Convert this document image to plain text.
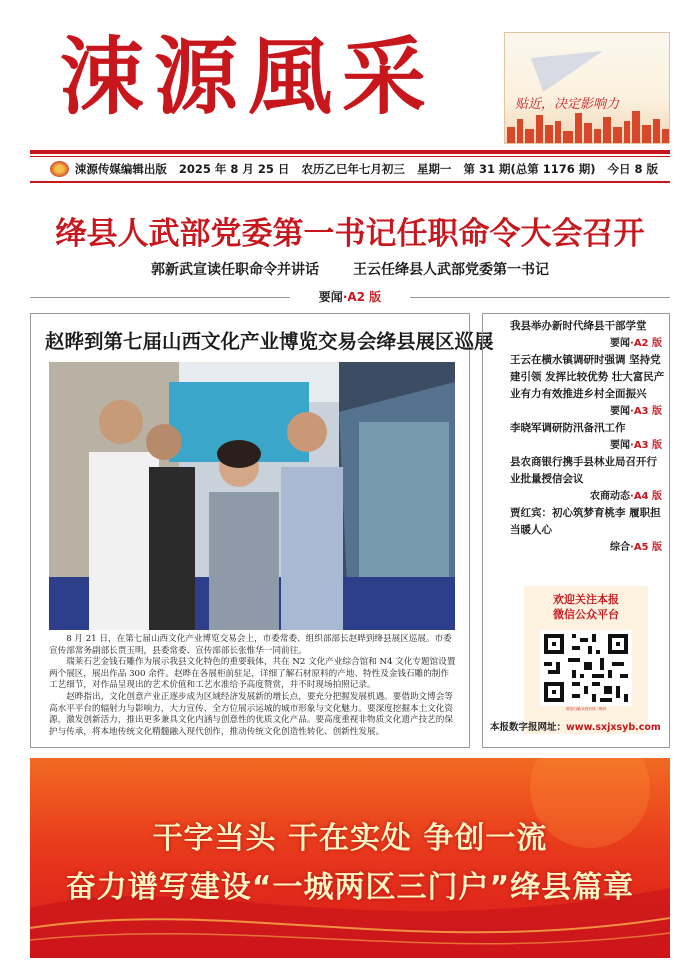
涑源風采	贴近，决定影响力
涑源传媒编辑出版 2025 年 8 月 25 日 农历乙巳年七月初三 星期一 第 31 期(总第 1176 期) 今日 8 版
绛县人武部党委第一书记任职命令大会召开
郭新武宣读任职命令并讲话 王云任绛县人武部党委第一书记
要闻·A2 版
赵晔到第七届山西文化产业博览交易会绛县展区巡展

8 月 21 日，在第七届山西文化产业博览交易会上，市委常委、组织部部长赵晔到绛县展区巡展。市委宣传部常务副部长贾玉明，县委常委、宣传部部长张惟华一同前往。

瑞莱石艺金钱石雕作为展示我县文化特色的重要载体，共在 N2 文化产业综合馆和 N4 文化专题馆设置两个展区，展出作品 300 余件。赵晔在各展柜前驻足，详细了解石材原料的产地、特性及金钱石雕的制作工艺细节，对作品呈现出的艺术价值和工艺水准给予高度赞赏，并不时现场拍照记录。

赵晔指出，文化创意产业正逐步成为区域经济发展新的增长点，要充分把握发展机遇。要借助文博会等高水平平台的辐射力与影响力，大力宣传、全方位展示运城的城市形象与文化魅力。要深度挖掘本土文化资源，激发创新活力，推出更多兼具文化内涵与创意性的优质文化产品。要高度重视非物质文化遗产技艺的保护与传承，将本地传统文化精髓融入现代创作，推动传统文化创造性转化、创新性发展。

我县举办新时代绛县干部学堂
要闻·A2 版
王云在横水镇调研时强调 坚持党建引领 发挥比较优势 壮大富民产业有力有效推进乡村全面振兴
要闻·A3 版
李晓军调研防汛备汛工作
要闻·A3 版
县农商银行携手县林业局召开行业批量授信会议
农商动态·A4 版
贾红宾：初心筑梦育桃李 履职担当暖人心
综合·A5 版
欢迎关注本报
微信公众平台
微信扫描/长按识别二维码
本报数字报网址：www.sxjxsyb.com
干字当头 干在实处 争创一流
奋力谱写建设“一城两区三门户”绛县篇章
